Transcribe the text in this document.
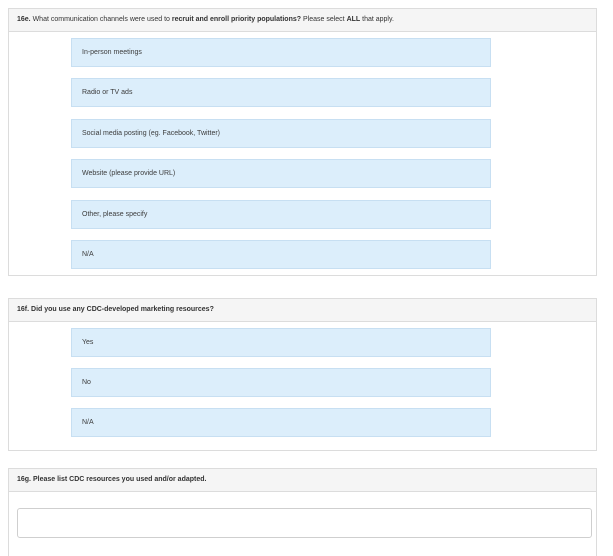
16e. What communication channels were used to recruit and enroll priority populations? Please select ALL that apply.
In-person meetings
Radio or TV ads
Social media posting (eg. Facebook, Twitter)
Website (please provide URL)
Other, please specify
N/A
16f. Did you use any CDC-developed marketing resources?
Yes
No
N/A
16g. Please list CDC resources you used and/or adapted.
